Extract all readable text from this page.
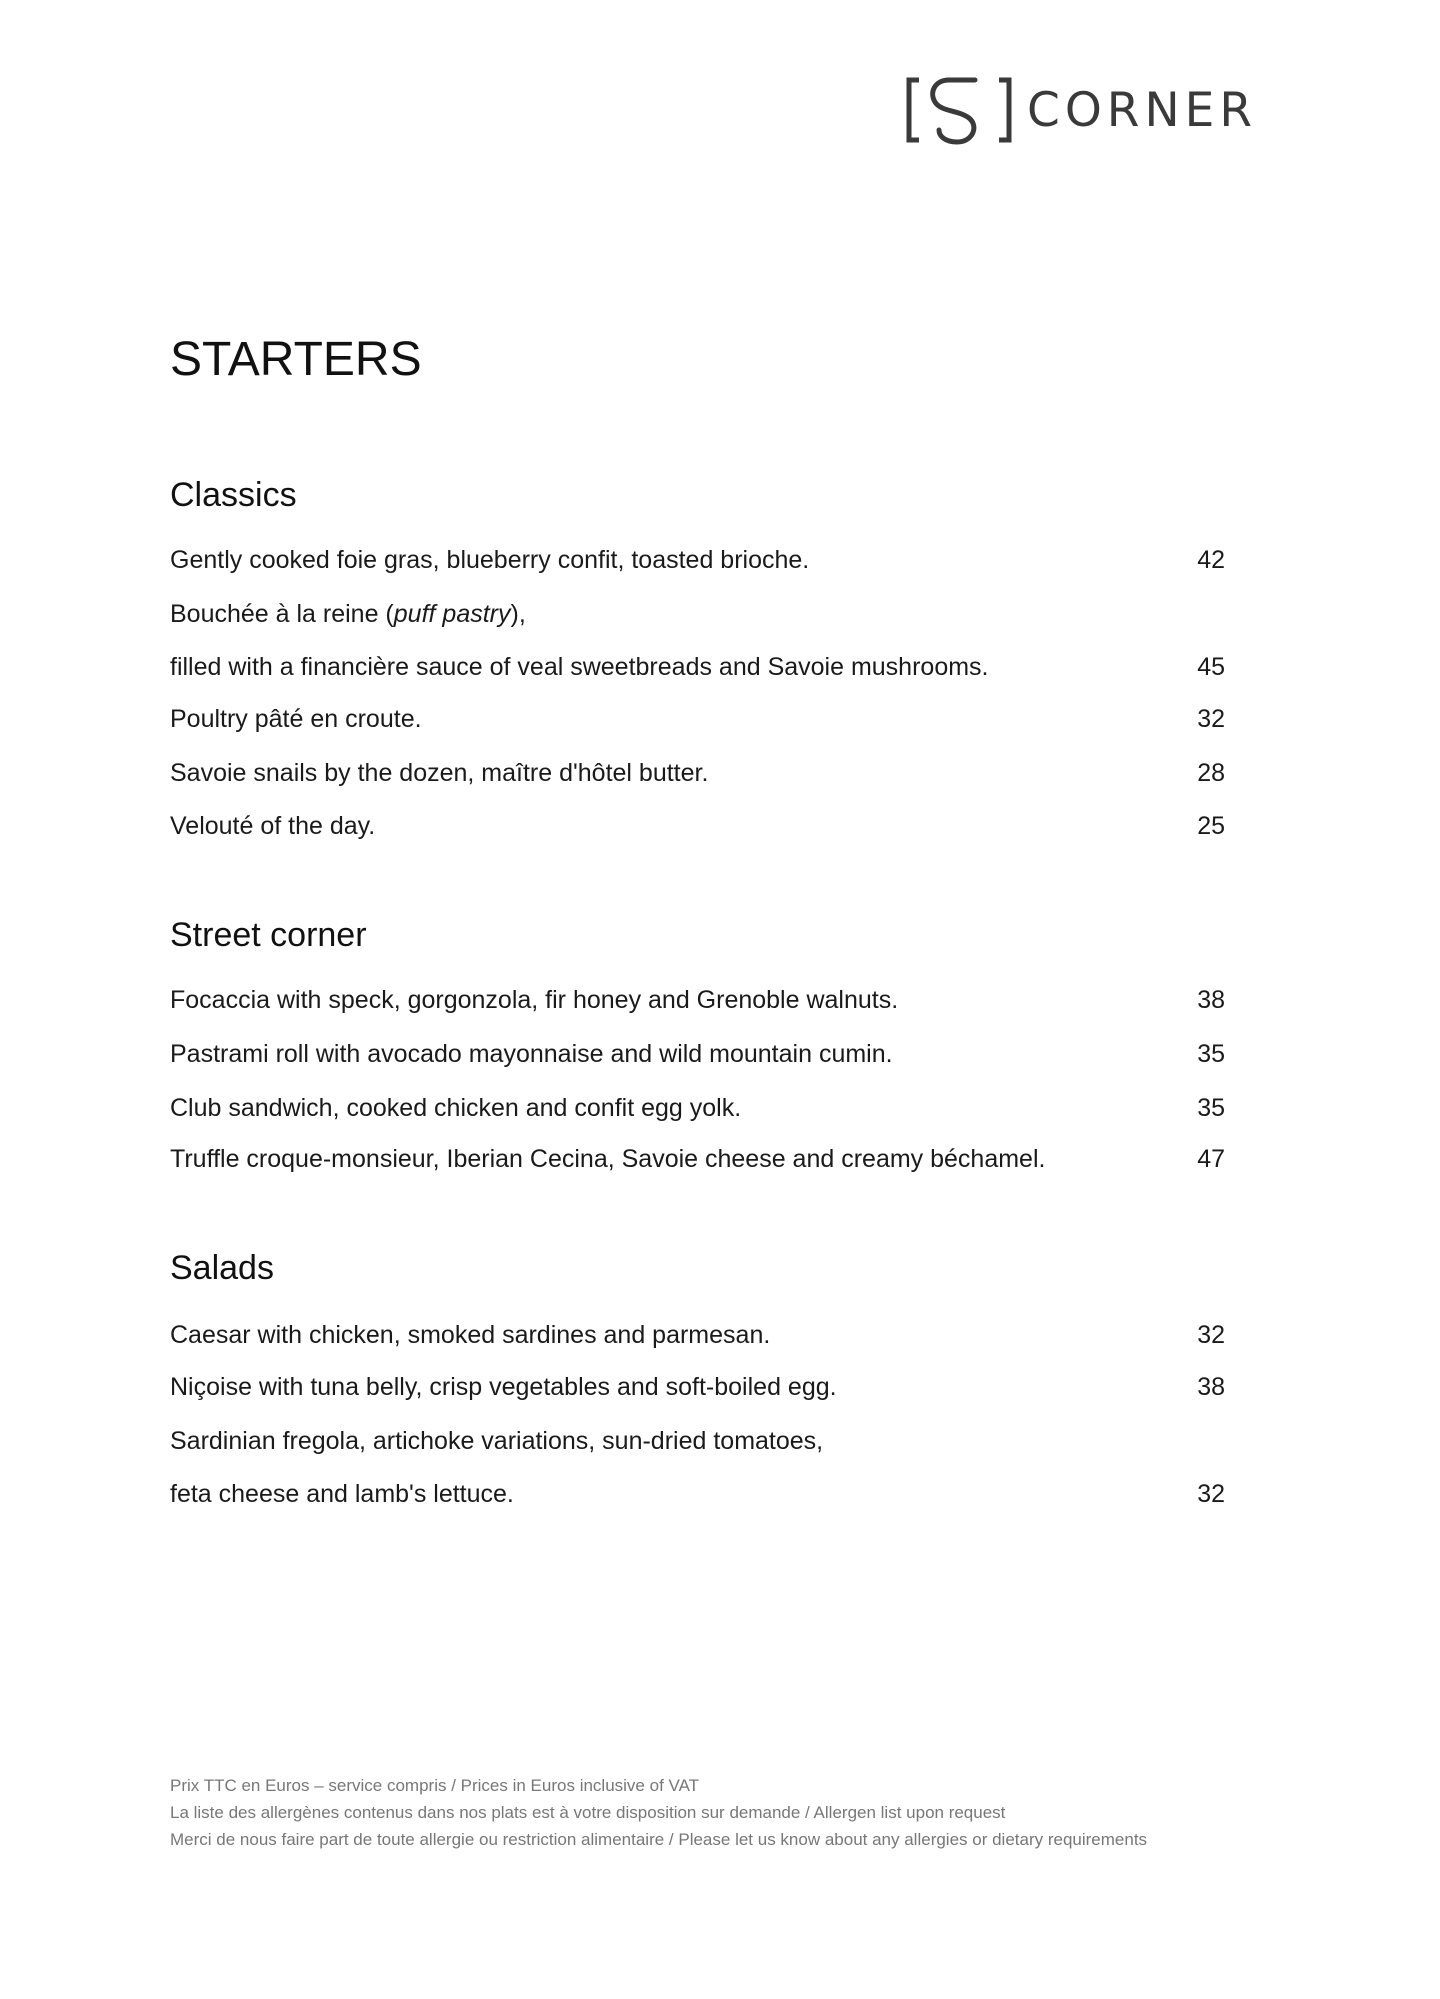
CORNER
STARTERS
Classics
Gently cooked foie gras, blueberry confit, toasted brioche.	42
Bouchée à la reine (puff pastry),
filled with a financière sauce of veal sweetbreads and Savoie mushrooms.	45
Poultry pâté en croute.	32
Savoie snails by the dozen, maître d'hôtel butter.	28
Velouté of the day.	25
Street corner
Focaccia with speck, gorgonzola, fir honey and Grenoble walnuts.	38
Pastrami roll with avocado mayonnaise and wild mountain cumin.	35
Club sandwich, cooked chicken and confit egg yolk.	35
Truffle croque-monsieur, Iberian Cecina, Savoie cheese and creamy béchamel.	47
Salads
Caesar with chicken, smoked sardines and parmesan.	32
Niçoise with tuna belly, crisp vegetables and soft-boiled egg.	38
Sardinian fregola, artichoke variations, sun-dried tomatoes,
feta cheese and lamb's lettuce.	32

Prix TTC en Euros – service compris / Prices in Euros inclusive of VAT

La liste des allergènes contenus dans nos plats est à votre disposition sur demande / Allergen list upon request

Merci de nous faire part de toute allergie ou restriction alimentaire / Please let us know about any allergies or dietary requirements
